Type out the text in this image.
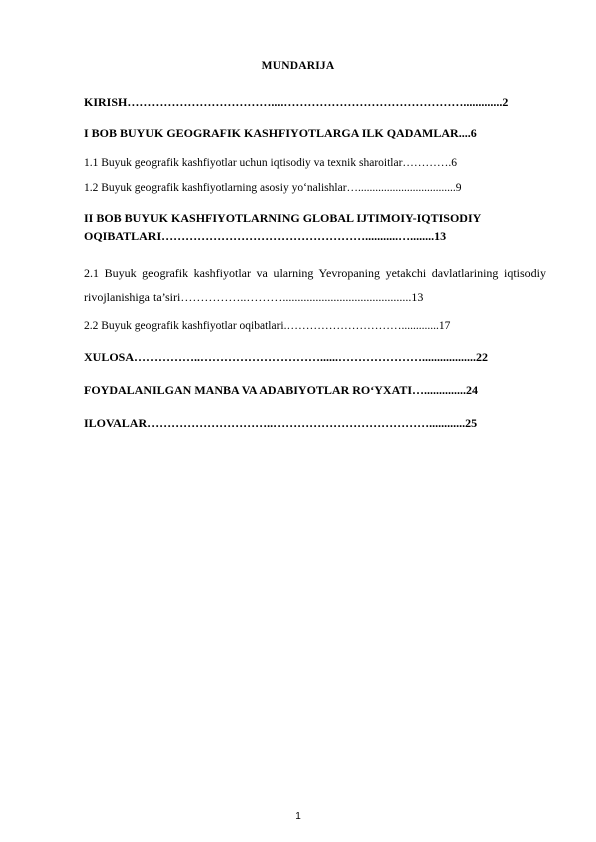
MUNDARIJA
KIRISH………………………………....……………………………………….............2
I BOB BUYUK GEOGRAFIK KASHFIYOTLARGA ILK QADAMLAR....6
1.1 Buyuk geografik kashfiyotlar uchun iqtisodiy va texnik sharoitlar………….6
1.2 Buyuk geografik kashfiyotlarning asosiy yo‘nalishlar…..................................9
II BOB BUYUK KASHFIYOTLARNING GLOBAL IJTIMOIY-IQTISODIY OQIBATLARI……………………………………………...........…........13
2.1 Buyuk geografik kashfiyotlar va ularning Yevropaning yetakchi davlatlarining iqtisodiy rivojlanishiga ta’siri……………..………...........................................13
2.2 Buyuk geografik kashfiyotlar oqibatlari.………………………….............17
XULOSA……………..…………………………......…………………..................22
FOYDALANILGAN MANBA VA ADABIYOTLAR RO‘YXATI…..............24
ILOVALAR…………………………..…………………………………............25
1
